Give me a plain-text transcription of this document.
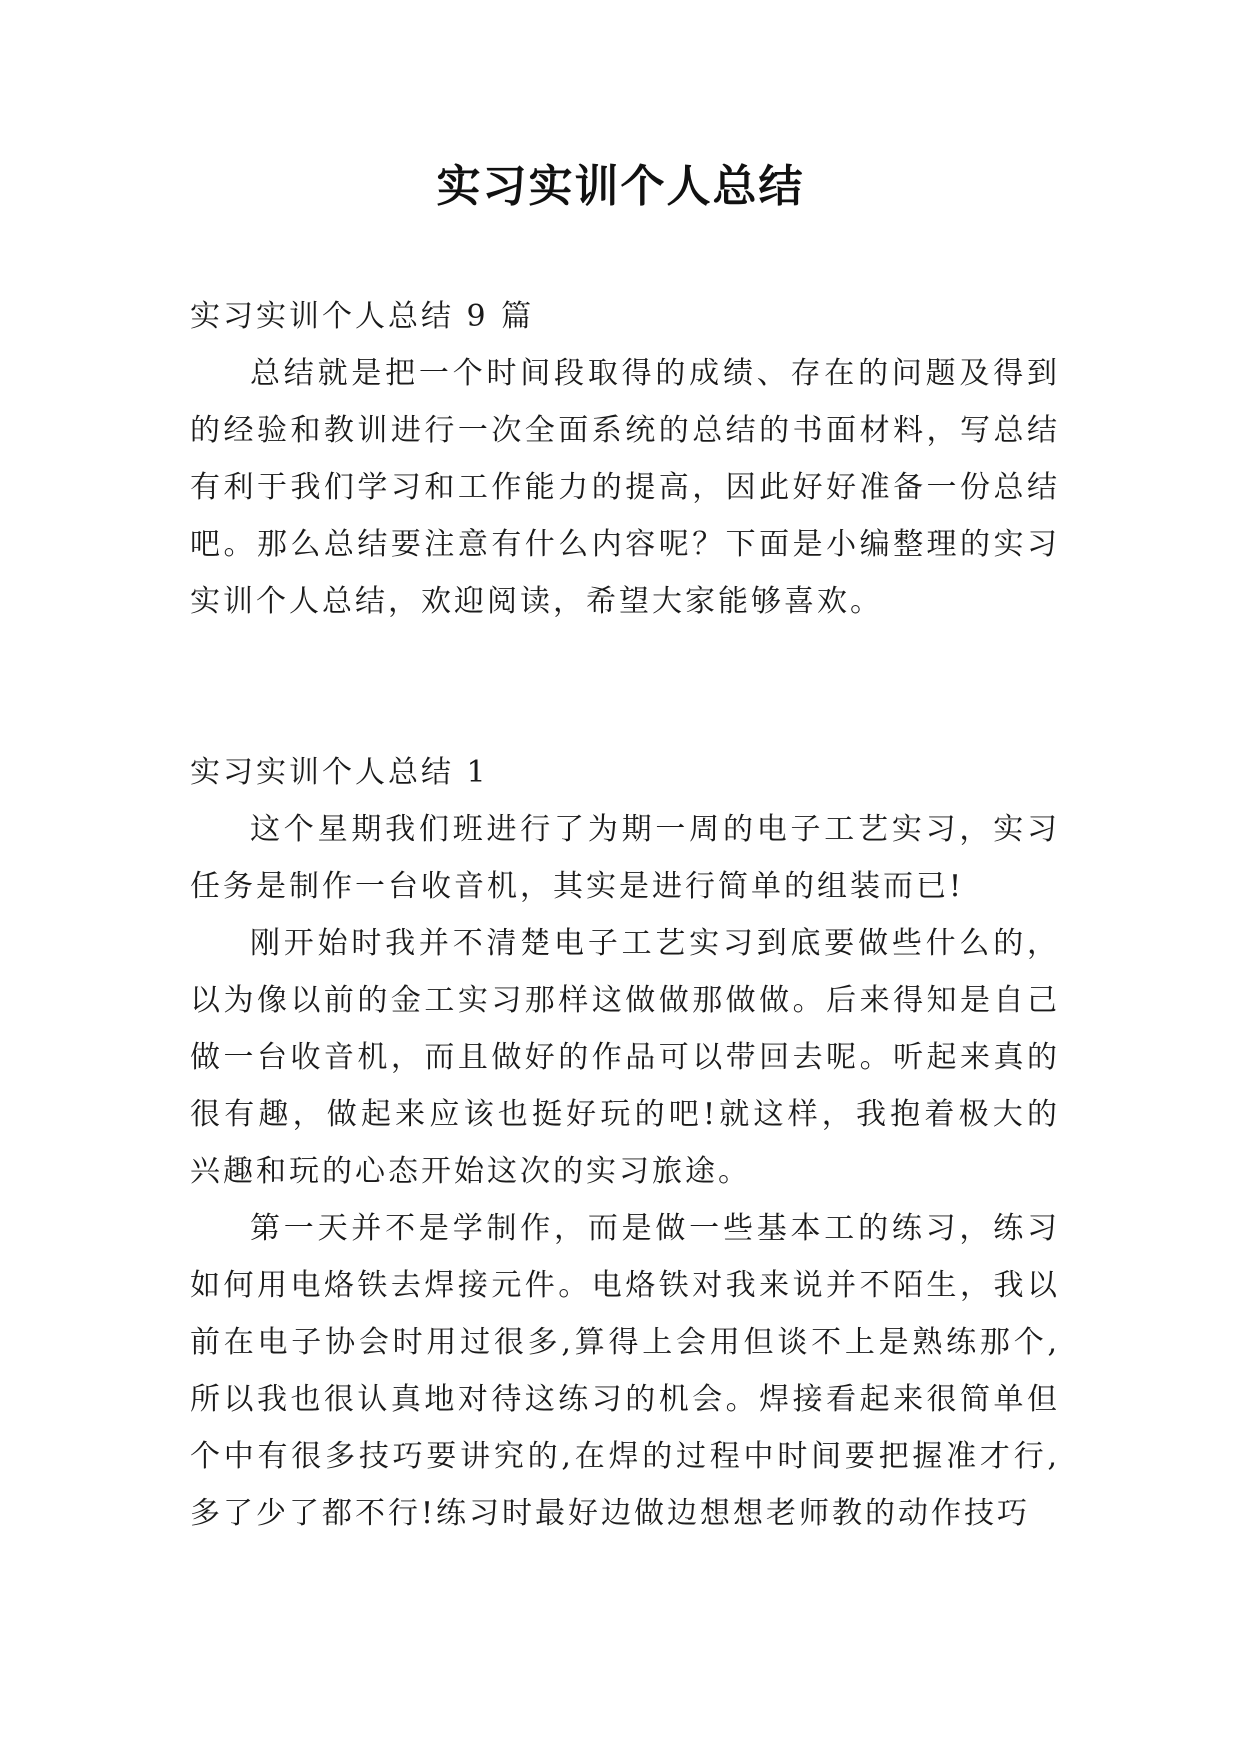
实习实训个人总结

实习实训个人总结 9 篇

总结就是把一个时间段取得的成绩、存在的问题及得到的经验和教训进行一次全面系统的总结的书面材料，写总结有利于我们学习和工作能力的提高，因此好好准备一份总结吧。那么总结要注意有什么内容呢？下面是小编整理的实习实训个人总结，欢迎阅读，希望大家能够喜欢。

实习实训个人总结 1

这个星期我们班进行了为期一周的电子工艺实习，实习任务是制作一台收音机，其实是进行简单的组装而已!

刚开始时我并不清楚电子工艺实习到底要做些什么的，以为像以前的金工实习那样这做做那做做。后来得知是自己做一台收音机，而且做好的作品可以带回去呢。听起来真的很有趣，做起来应该也挺好玩的吧!就这样，我抱着极大的兴趣和玩的心态开始这次的实习旅途。

第一天并不是学制作，而是做一些基本工的练习，练习如何用电烙铁去焊接元件。电烙铁对我来说并不陌生，我以前在电子协会时用过很多,算得上会用但谈不上是熟练那个,所以我也很认真地对待这练习的机会。焊接看起来很简单但个中有很多技巧要讲究的,在焊的过程中时间要把握准才行,多了少了都不行!练习时最好边做边想想老师教的动作技巧
